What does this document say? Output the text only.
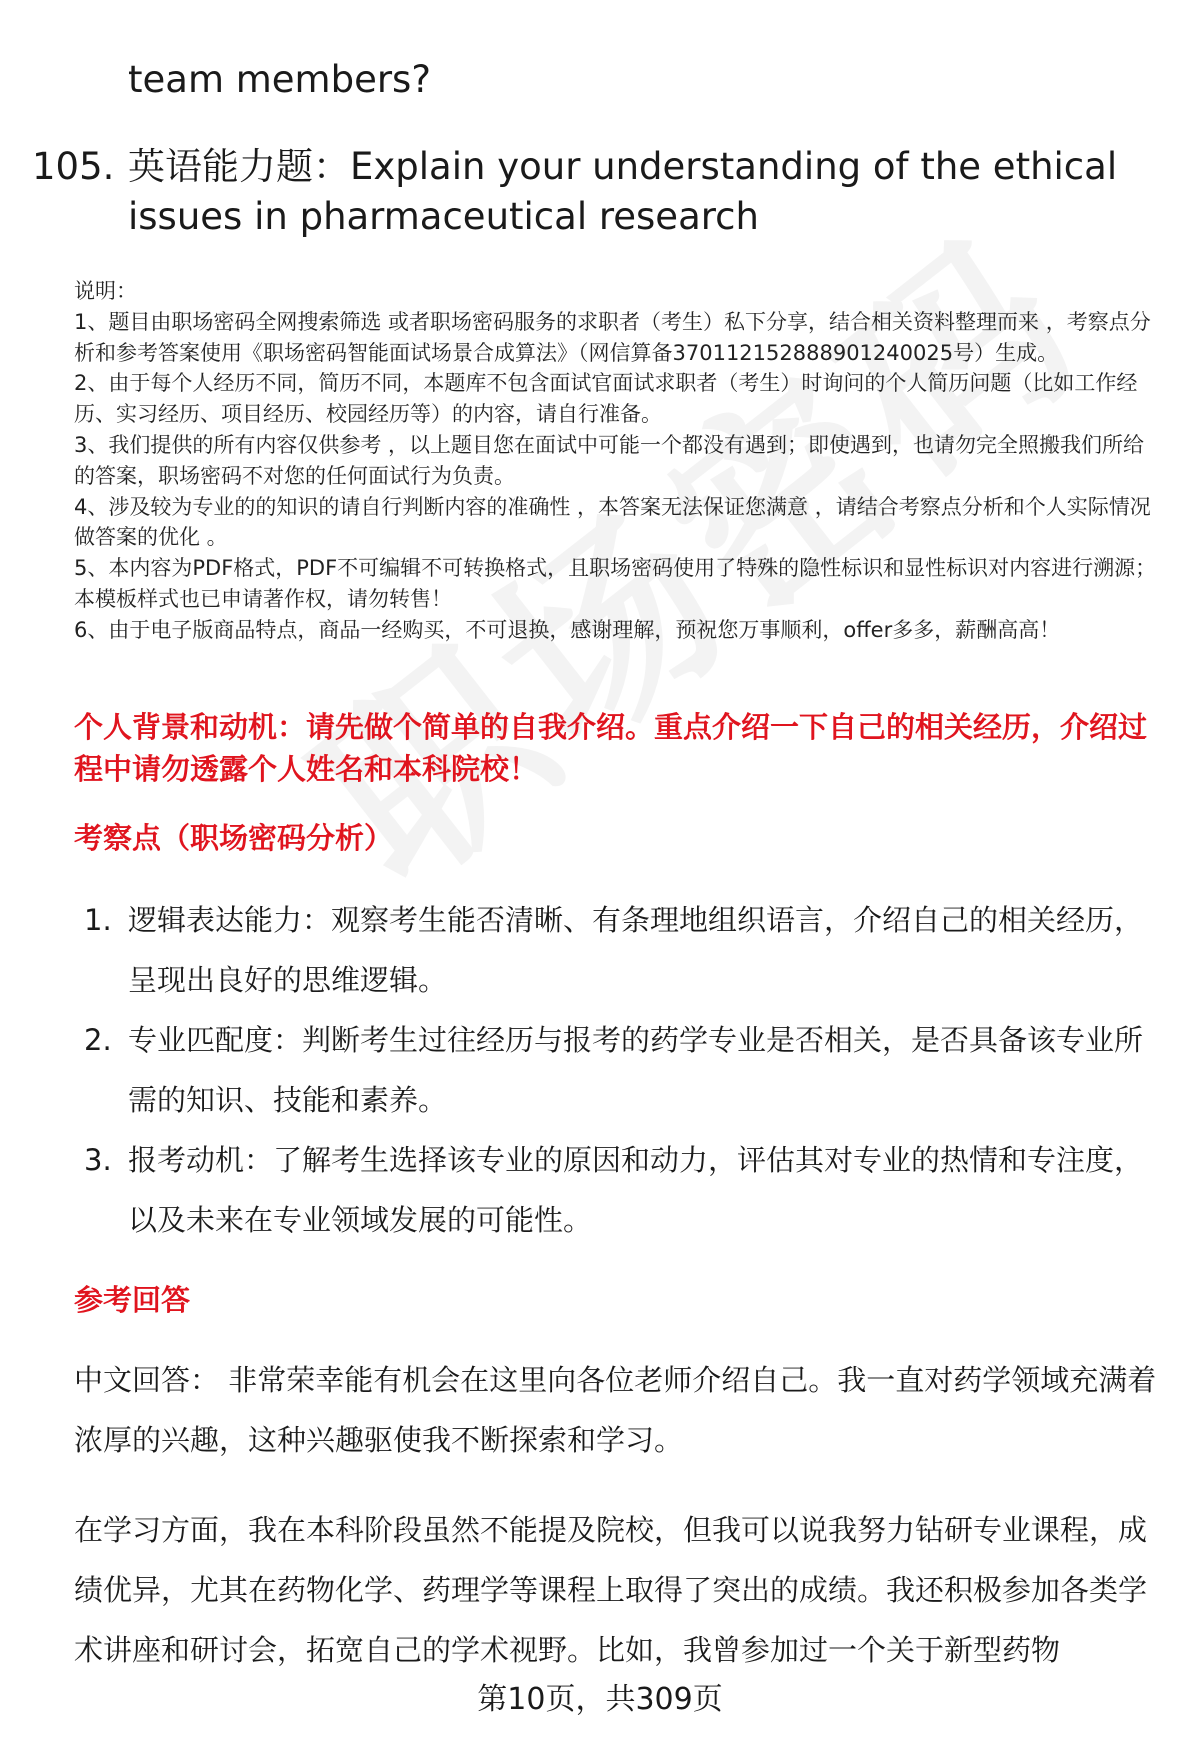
team members?
105. 英语能力题：Explain your understanding of the ethical issues in pharmaceutical research

说明：

1、题目由职场密码全网搜索筛选 或者职场密码服务的求职者（考生）私下分享，结合相关资料整理而来 ，考察点分析和参考答案使用《职场密码智能面试场景合成算法》（网信算备370112152888901240025号）生成。

2、由于每个人经历不同，简历不同，本题库不包含面试官面试求职者（考生）时询问的个人简历问题（比如工作经历、实习经历、项目经历、校园经历等）的内容，请自行准备。

3、我们提供的所有内容仅供参考 ，以上题目您在面试中可能一个都没有遇到；即使遇到，也请勿完全照搬我们所给的答案，职场密码不对您的任何面试行为负责。

4、涉及较为专业的的知识的请自行判断内容的准确性 ，本答案无法保证您满意 ，请结合考察点分析和个人实际情况做答案的优化 。

5、本内容为PDF格式，PDF不可编辑不可转换格式，且职场密码使用了特殊的隐性标识和显性标识对内容进行溯源；本模板样式也已申请著作权，请勿转售！

6、由于电子版商品特点，商品一经购买，不可退换，感谢理解，预祝您万事顺利，offer多多，薪酬高高！

个人背景和动机：请先做个简单的自我介绍。重点介绍一下自己的相关经历，介绍过程中请勿透露个人姓名和本科院校！
考察点（职场密码分析）
1. 逻辑表达能力：观察考生能否清晰、有条理地组织语言，介绍自己的相关经历，呈现出良好的思维逻辑。
2. 专业匹配度：判断考生过往经历与报考的药学专业是否相关，是否具备该专业所需的知识、技能和素养。
3. 报考动机：了解考生选择该专业的原因和动力，评估其对专业的热情和专注度，以及未来在专业领域发展的可能性。
参考回答

中文回答： 非常荣幸能有机会在这里向各位老师介绍自己。我一直对药学领域充满着浓厚的兴趣，这种兴趣驱使我不断探索和学习。

在学习方面，我在本科阶段虽然不能提及院校，但我可以说我努力钻研专业课程，成绩优异，尤其在药物化学、药理学等课程上取得了突出的成绩。我还积极参加各类学术讲座和研讨会，拓宽自己的学术视野。比如，我曾参加过一个关于新型药物

第10页，共309页
